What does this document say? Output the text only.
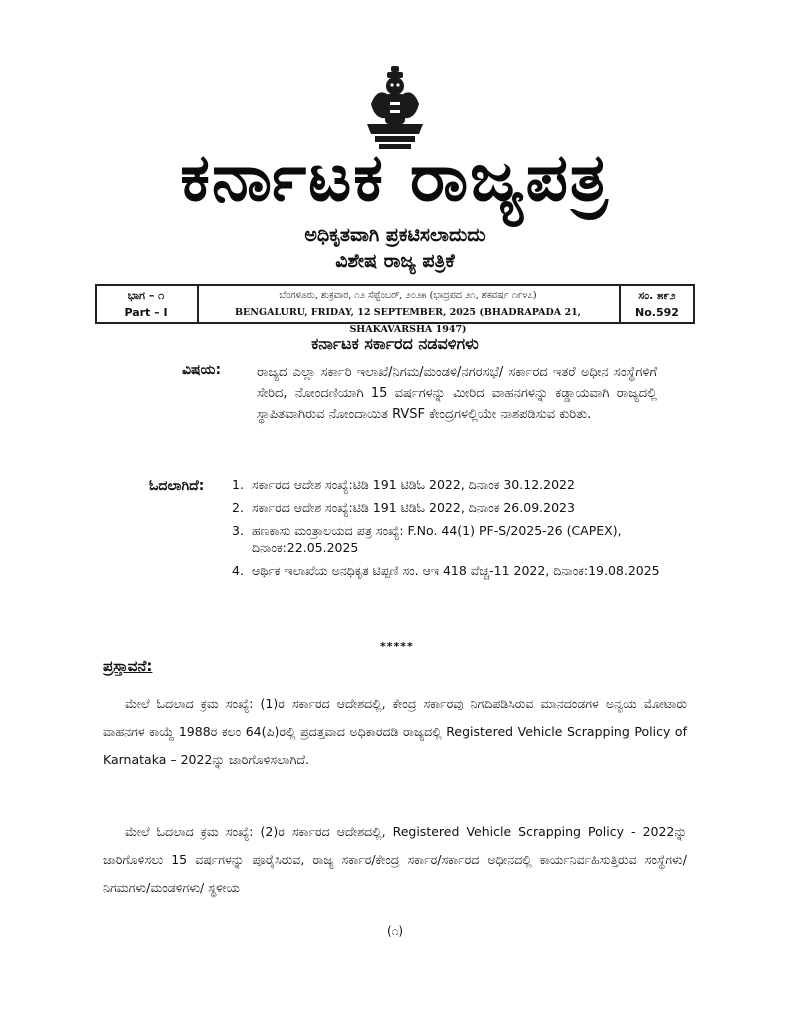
ಕರ್ನಾಟಕ ರಾಜ್ಯಪತ್ರ
ಅಧಿಕೃತವಾಗಿ ಪ್ರಕಟಿಸಲಾದುದು
ವಿಶೇಷ ರಾಜ್ಯ ಪತ್ರಿಕೆ
ಭಾಗ – ೧
Part – I
ಬೆಂಗಳೂರು, ಶುಕ್ರವಾರ, ೧೨ ಸೆಪ್ಟೆಂಬರ್, ೨೦೨೫ (ಭಾದ್ರಪದ ೨೧, ಶಕವರ್ಷ ೧೯೪೭)
BENGALURU, FRIDAY, 12 SEPTEMBER, 2025 (BHADRAPADA 21, SHAKAVARSHA 1947)
ಸಂ. ೫೯೨
No.592
ಕರ್ನಾಟಕ ಸರ್ಕಾರದ ನಡವಳಿಗಳು
ವಿಷಯ:	ರಾಜ್ಯದ ಎಲ್ಲಾ ಸರ್ಕಾರಿ ಇಲಾಖೆ/ನಿಗಮ/ಮಂಡಳಿ/ನಗರಸಭೆ/ ಸರ್ಕಾರದ ಇತರೆ ಅಧೀನ ಸಂಸ್ಥೆಗಳಿಗೆ ಸೇರಿದ, ನೋಂದಣಿಯಾಗಿ 15 ವರ್ಷಗಳನ್ನು ಮೀರಿದ ವಾಹನಗಳನ್ನು ಕಡ್ಡಾಯವಾಗಿ ರಾಜ್ಯದಲ್ಲಿ ಸ್ಥಾಪಿತವಾಗಿರುವ ನೋಂದಾಯಿತ RVSF ಕೇಂದ್ರಗಳಲ್ಲಿಯೇ ನಾಶಪಡಿಸುವ ಕುರಿತು.
ಓದಲಾಗಿದೆ: 1. ಸರ್ಕಾರದ ಆದೇಶ ಸಂಖ್ಯೆ:ಟಿಡಿ 191 ಟಿಡಿಓ 2022, ದಿನಾಂಕ 30.12.2022
2. ಸರ್ಕಾರದ ಆದೇಶ ಸಂಖ್ಯೆ:ಟಿಡಿ 191 ಟಿಡಿಓ 2022, ದಿನಾಂಕ 26.09.2023
3. ಹಣಕಾಸು ಮಂತ್ರಾಲಯದ ಪತ್ರ ಸಂಖ್ಯೆ: F.No. 44(1) PF-S/2025-26 (CAPEX), ದಿನಾಂಕ:22.05.2025
4. ಆರ್ಥಿಕ ಇಲಾಖೆಯ ಅನಧಿಕೃತ ಟಿಪ್ಪಣಿ ಸಂ. ಆಇ 418 ವೆಚ್ಚ-11 2022, ದಿನಾಂಕ:19.08.2025
*****
ಪ್ರಸ್ತಾವನೆ:
ಮೇಲೆ ಓದಲಾದ ಕ್ರಮ ಸಂಖ್ಯೆ: (1)ರ ಸರ್ಕಾರದ ಆದೇಶದಲ್ಲಿ, ಕೇಂದ್ರ ಸರ್ಕಾರವು ನಿಗದಿಪಡಿಸಿರುವ ಮಾನದಂಡಗಳ ಅನ್ವಯ ಮೋಟಾರು ವಾಹನಗಳ ಕಾಯ್ದೆ 1988ರ ಕಲಂ 64(ಪಿ)ರಲ್ಲಿ ಪ್ರದತ್ತವಾದ ಅಧಿಕಾರದಡಿ ರಾಜ್ಯದಲ್ಲಿ Registered Vehicle Scrapping Policy of Karnataka – 2022ನ್ನು ಜಾರಿಗೊಳಿಸಲಾಗಿದೆ.
ಮೇಲೆ ಓದಲಾದ ಕ್ರಮ ಸಂಖ್ಯೆ: (2)ರ ಸರ್ಕಾರದ ಆದೇಶದಲ್ಲಿ, Registered Vehicle Scrapping Policy - 2022ನ್ನು ಜಾರಿಗೊಳಿಸಲು 15 ವರ್ಷಗಳನ್ನು ಪೂರೈಸಿರುವ, ರಾಜ್ಯ ಸರ್ಕಾರ/ಕೇಂದ್ರ ಸರ್ಕಾರ/ಸರ್ಕಾರದ ಅಧೀನದಲ್ಲಿ ಕಾರ್ಯನಿರ್ವಹಿಸುತ್ತಿರುವ ಸಂಸ್ಥೆಗಳು/ನಿಗಮಗಳು/ಮಂಡಳಿಗಳು/ ಸ್ಥಳೀಯ
(೧)
